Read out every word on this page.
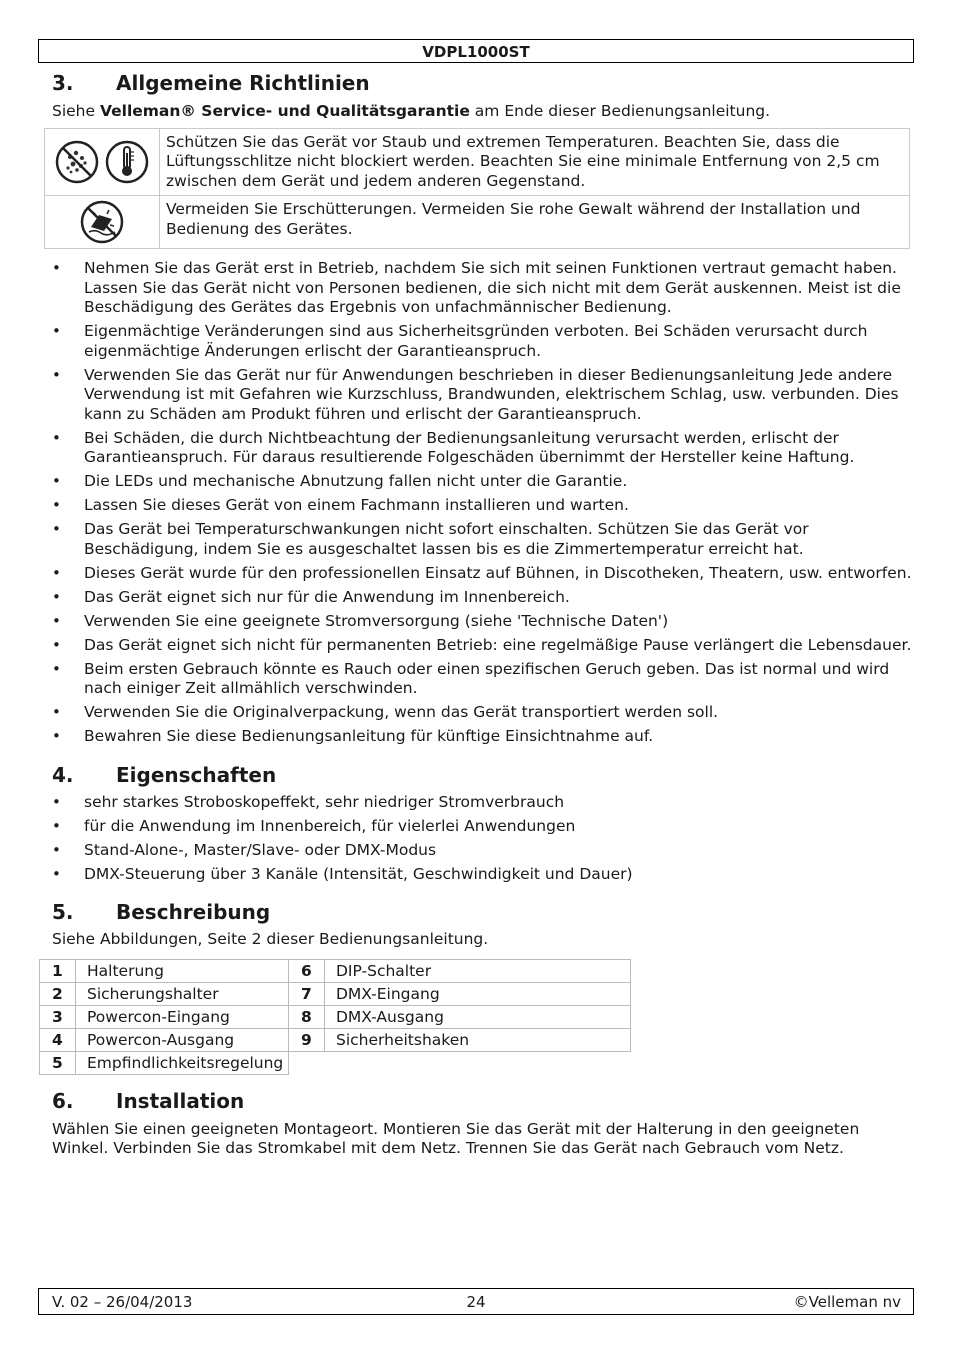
VDPL1000ST
3. Allgemeine Richtlinien

Siehe Velleman® Service- und Qualitätsgarantie am Ende dieser Bedienungsanleitung.

	Schützen Sie das Gerät vor Staub und extremen Temperaturen. Beachten Sie, dass die Lüftungsschlitze nicht blockiert werden. Beachten Sie eine minimale Entfernung von 2,5 cm zwischen dem Gerät und jedem anderen Gegenstand.
	Vermeiden Sie Erschütterungen. Vermeiden Sie rohe Gewalt während der Installation und Bedienung des Gerätes.
• Nehmen Sie das Gerät erst in Betrieb, nachdem Sie sich mit seinen Funktionen vertraut gemacht haben. Lassen Sie das Gerät nicht von Personen bedienen, die sich nicht mit dem Gerät auskennen. Meist ist die Beschädigung des Gerätes das Ergebnis von unfachmännischer Bedienung.
• Eigenmächtige Veränderungen sind aus Sicherheitsgründen verboten. Bei Schäden verursacht durch eigenmächtige Änderungen erlischt der Garantieanspruch.
• Verwenden Sie das Gerät nur für Anwendungen beschrieben in dieser Bedienungsanleitung Jede andere Verwendung ist mit Gefahren wie Kurzschluss, Brandwunden, elektrischem Schlag, usw. verbunden. Dies kann zu Schäden am Produkt führen und erlischt der Garantieanspruch.
• Bei Schäden, die durch Nichtbeachtung der Bedienungsanleitung verursacht werden, erlischt der Garantieanspruch. Für daraus resultierende Folgeschäden übernimmt der Hersteller keine Haftung.
• Die LEDs und mechanische Abnutzung fallen nicht unter die Garantie.
• Lassen Sie dieses Gerät von einem Fachmann installieren und warten.
• Das Gerät bei Temperaturschwankungen nicht sofort einschalten. Schützen Sie das Gerät vor Beschädigung, indem Sie es ausgeschaltet lassen bis es die Zimmertemperatur erreicht hat.
• Dieses Gerät wurde für den professionellen Einsatz auf Bühnen, in Discotheken, Theatern, usw. entworfen.
• Das Gerät eignet sich nur für die Anwendung im Innenbereich.
• Verwenden Sie eine geeignete Stromversorgung (siehe 'Technische Daten')
• Das Gerät eignet sich nicht für permanenten Betrieb: eine regelmäßige Pause verlängert die Lebensdauer.
• Beim ersten Gebrauch könnte es Rauch oder einen spezifischen Geruch geben. Das ist normal und wird nach einiger Zeit allmählich verschwinden.
• Verwenden Sie die Originalverpackung, wenn das Gerät transportiert werden soll.
• Bewahren Sie diese Bedienungsanleitung für künftige Einsichtnahme auf.
4. Eigenschaften
• sehr starkes Stroboskopeffekt, sehr niedriger Stromverbrauch
• für die Anwendung im Innenbereich, für vielerlei Anwendungen
• Stand-Alone-, Master/Slave- oder DMX-Modus
• DMX-Steuerung über 3 Kanäle (Intensität, Geschwindigkeit und Dauer)
5. Beschreibung

Siehe Abbildungen, Seite 2 dieser Bedienungsanleitung.

1	Halterung	6	DIP-Schalter
2	Sicherungshalter	7	DMX-Eingang
3	Powercon-Eingang	8	DMX-Ausgang
4	Powercon-Ausgang	9	Sicherheitshaken
5	Empfindlichkeitsregelung		
6. Installation

Wählen Sie einen geeigneten Montageort. Montieren Sie das Gerät mit der Halterung in den geeigneten Winkel. Verbinden Sie das Stromkabel mit dem Netz. Trennen Sie das Gerät nach Gebrauch vom Netz.

V. 02 – 26/04/2013	24	©Velleman nv
